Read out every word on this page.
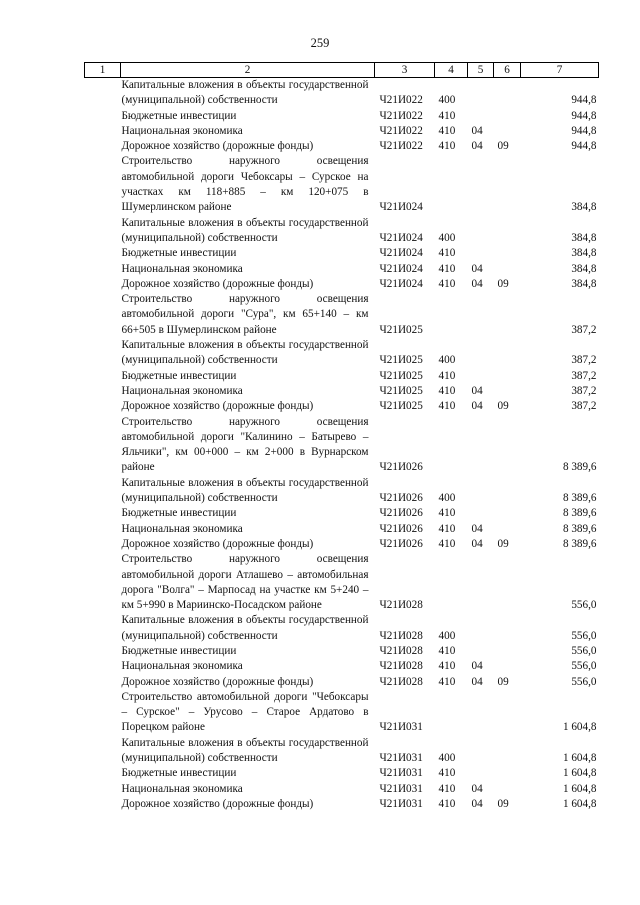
259
1	2	3	4	5	6	7
	Капитальные вложения в объекты государственной (муниципальной) собственности	Ч21И022	400			944,8
	Бюджетные инвестиции	Ч21И022	410			944,8
	Национальная экономика	Ч21И022	410	04		944,8
	Дорожное хозяйство (дорожные фонды)	Ч21И022	410	04	09	944,8
	Строительство наружного освещения автомобильной дороги Чебоксары – Сурское на участках км 118+885 – км 120+075 в Шумерлинском районе	Ч21И024				384,8
	Капитальные вложения в объекты государственной (муниципальной) собственности	Ч21И024	400			384,8
	Бюджетные инвестиции	Ч21И024	410			384,8
	Национальная экономика	Ч21И024	410	04		384,8
	Дорожное хозяйство (дорожные фонды)	Ч21И024	410	04	09	384,8
	Строительство наружного освещения автомобильной дороги "Сура", км 65+140 – км 66+505 в Шумерлинском районе	Ч21И025				387,2
	Капитальные вложения в объекты государственной (муниципальной) собственности	Ч21И025	400			387,2
	Бюджетные инвестиции	Ч21И025	410			387,2
	Национальная экономика	Ч21И025	410	04		387,2
	Дорожное хозяйство (дорожные фонды)	Ч21И025	410	04	09	387,2
	Строительство наружного освещения автомобильной дороги "Калинино – Батырево – Яльчики", км 00+000 – км 2+000 в Вурнарском районе	Ч21И026				8 389,6
	Капитальные вложения в объекты государственной (муниципальной) собственности	Ч21И026	400			8 389,6
	Бюджетные инвестиции	Ч21И026	410			8 389,6
	Национальная экономика	Ч21И026	410	04		8 389,6
	Дорожное хозяйство (дорожные фонды)	Ч21И026	410	04	09	8 389,6
	Строительство наружного освещения автомобильной дороги Атлашево – автомобильная дорога "Волга" – Марпосад на участке км 5+240 – км 5+990 в Мариинско-Посадском районе	Ч21И028				556,0
	Капитальные вложения в объекты государственной (муниципальной) собственности	Ч21И028	400			556,0
	Бюджетные инвестиции	Ч21И028	410			556,0
	Национальная экономика	Ч21И028	410	04		556,0
	Дорожное хозяйство (дорожные фонды)	Ч21И028	410	04	09	556,0
	Строительство автомобильной дороги "Чебоксары – Сурское" – Урусово – Старое Ардатово в Порецком районе	Ч21И031				1 604,8
	Капитальные вложения в объекты государственной (муниципальной) собственности	Ч21И031	400			1 604,8
	Бюджетные инвестиции	Ч21И031	410			1 604,8
	Национальная экономика	Ч21И031	410	04		1 604,8
	Дорожное хозяйство (дорожные фонды)	Ч21И031	410	04	09	1 604,8
